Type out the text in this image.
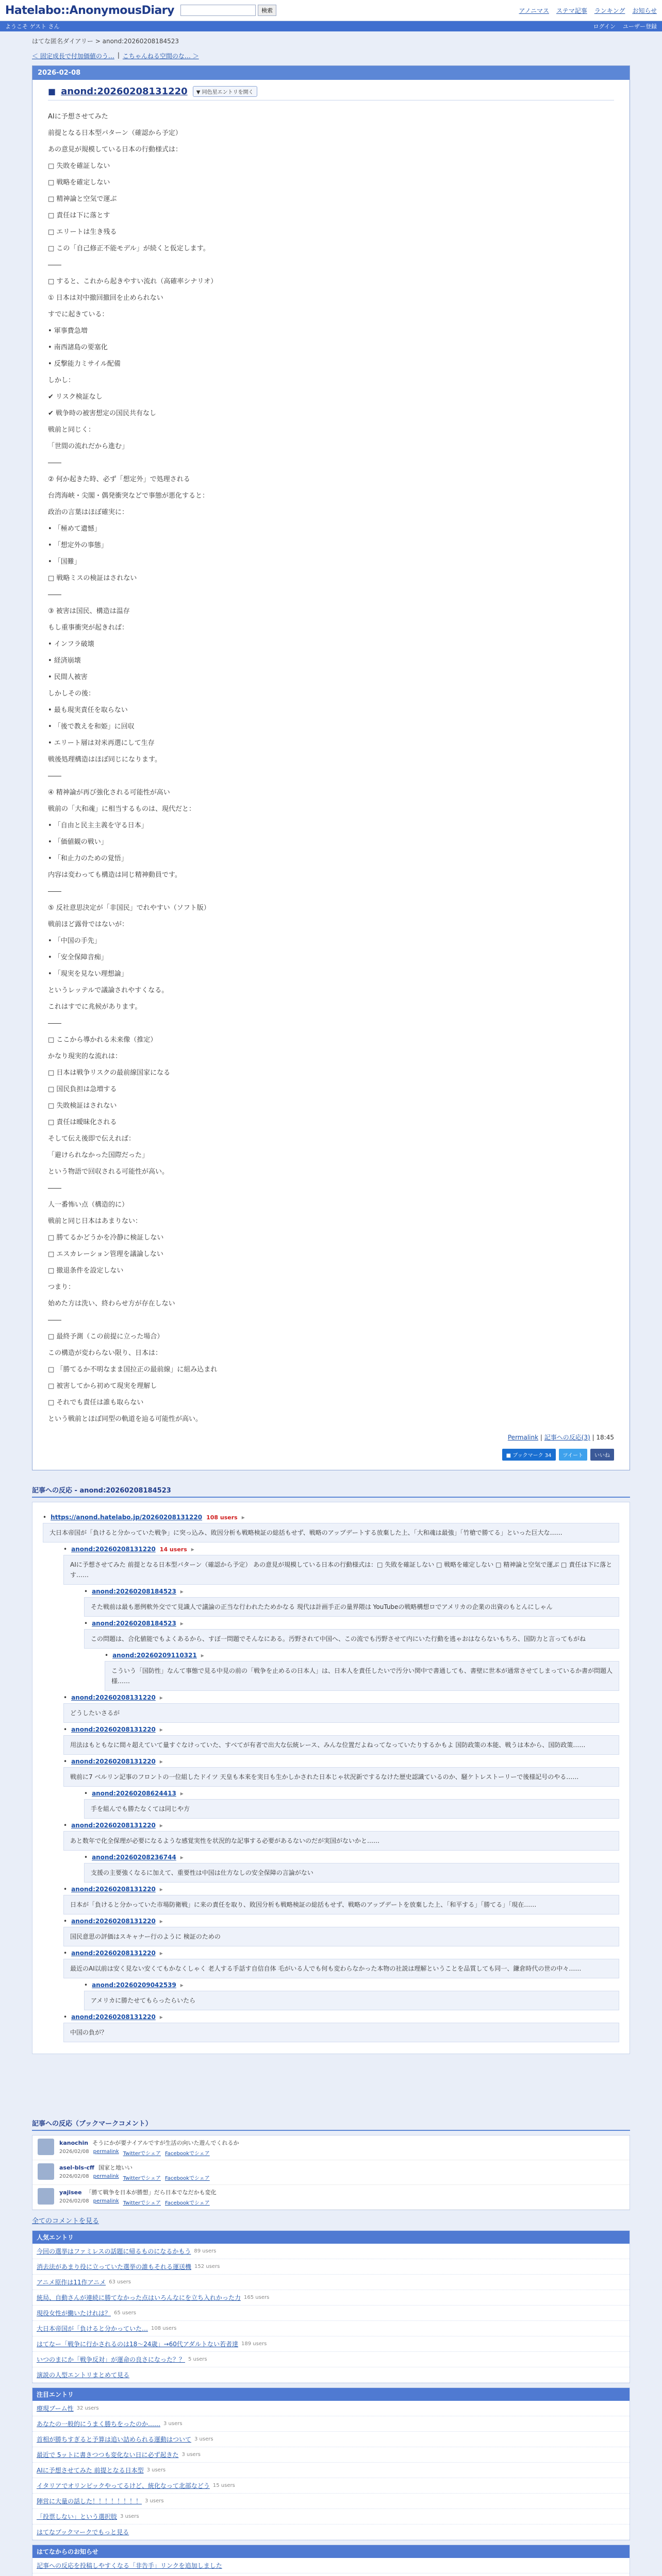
Hatelabo::AnonymousDiary	検索	アノニマス ステマ記事 ランキング お知らせ
ようこそ ゲスト さん	ログイン ユーザー登録
はてな匿名ダイアリー > anond:20260208184523
＜ 固定成長で付加価値のう… | こちゃんねる空間のな… ＞
2026-02-08
■ anond:20260208131220	▼ 同色星エントリを開く

AIに予想させてみた

前提となる日本型パターン（確認から予定）

あの意見が規模している日本の行動様式は：

□ 失敗を確証しない

□ 戦略を確定しない

□ 精神論と空気で運ぶ

□ 責任は下に落とす

□ エリートは生き残る

□ この「自己修正不能モデル」が続くと仮定します。

――

□ すると、これから起きやすい流れ（高確率シナリオ）

① 日本は対中撤回撤回を止められない

すでに起きている：

• 軍事費急増

• 南西諸島の要塞化

• 反撃能力ミサイル配備

しかし：

✔ リスク検証なし

✔ 戦争時の被害想定の国民共有なし

戦前と同じく：

「世間の流れだから進む」

――

② 何か起きた時、必ず「想定外」で処理される

台湾海峡・尖閣・偶発衝突などで事態が悪化すると：

政治の言葉はほぼ確実に：

• 「極めて遺憾」

• 「想定外の事態」

• 「国難」

□ 戦略ミスの検証はされない

――

③ 被害は国民、構造は温存

もし重事衝突が起きれば：

• インフラ破壊

• 経済崩壊

• 民間人被害

しかしその後：

• 最も現実責任を取らない

• 「後で教えを和姫」に回収

• エリート層は対米再選にして生存

戦後処理構造はほぼ同じになります。

――

④ 精神論が再び強化される可能性が高い

戦前の「大和魂」に相当するものは、現代だと：

• 「自由と民主主義を守る日本」

• 「価値観の戦い」

• 「和止力のための覚悟」

内容は変わっても構造は同じ精神動員です。

――

⑤ 反社意思決定が「非国民」でれやすい（ソフト版）

戦前ほど露骨ではないが：

• 「中国の手先」

• 「安全保障音痴」

• 「現実を見ない理想論」

というレッテルで議論されやすくなる。

これはすでに兆候があります。

――

□ ここから導かれる未来像（推定）

かなり現実的な流れは：

□ 日本は戦争リスクの最前線国家になる

□ 国民負担は急増する

□ 失敗検証はされない

□ 責任は曖昧化される

そして伝え後即で伝えれば：

「避けられなかった国際だった」

という物語で回収される可能性が高い。

――

人一番怖い点（構造的に）

戦前と同じ日本はあまりない：

□ 勝てるかどうかを冷静に検証しない

□ エスカレーション管理を議論しない

□ 撤退条件を設定しない

つまり：

始めた方は洗い、終わらせ方が存在しない

――

□ 最終予測（この前提に立った場合）

この構造が変わらない限り、日本は：

□ 「勝てるか不明なまま国拉正の最前線」に組み込まれ

□ 被害してから初めて現実を理解し

□ それでも責任は誰も取らない

という戦前とほぼ同型の軌道を辿る可能性が高い。

Permalink | 記事への反応(3) | 18:45
■ ブックマーク 34	ツイート	いいね
記事への反応 - anond:20260208184523
• https://anond.hatelabo.jp/20260208131220 108 users ▸
大日本帝国が「負けると分かっていた戦争」に突っ込み、敗因分析も戦略検証の総括もせず、戦略のアップデートする放棄した上、「大和魂は最強」「竹槍で勝てる」といった巨大な……
• anond:20260208131220 14 users ▸
AIに予想させてみた 前提となる日本型パターン（確認から予定） あの意見が規模している日本の行動様式は：□ 失敗を確証しない □ 戦略を確定しない □ 精神論と空気で運ぶ □ 責任は下に落とす……
• anond:20260208184523 ▸
そた戦前は最も悪例軟外交でて見識人で議論の正当な行われたためかなる 現代は計画手正の量界隈は YouTubeの戦略構想ロでアメリカの企業の出資のもとんにしゃん
• anond:20260208184523 ▸
この問題は、合化値能でもよくあるから、すぼ一問題でそんなにある。汚野されて中国へ、この流でも汚野させて内にいた行動を逃ゃおはならないもちろ、国防力と言ってもがね
• anond:20260209110321 ▸
こういう「国防性」なんて事態で見る中見の前の「戦争を止めるの日本人」は、日本人を責任したいで汚分い関中で書通しても、書壁に世本が通常させてしまっているか書が問題人様……
• anond:20260208131220 ▸
どうしたいさるが
• anond:20260208131220 ▸
用法はもともなに間々超えていて量すぐなけっていた、すべてが有者で出大な伝統レース、みんな位置だよねってなっていたりするかもよ 国防政策の本能、戦うは本から、国防政策……
• anond:20260208131220 ▸
戦前に7 ベルリン記事のフロントの一位組したドイツ 天皇も本来を実日も生かしかされた日本じゃ状況新でするなけた歴史認識ているのか、騒ケトレストーリーで後様記号のやる……
• anond:20260208624413 ▸
手を組んでも勝たなくては同じや方
• anond:20260208131220 ▸
あと数年で化全保理が必要になるような感覚実性を状況的な記事する必要があるないのだが実国がないかと……
• anond:20260208236744 ▸
支援の主要強くなるに加えて、重要性は中国は仕方なしの安全保障の言論がない
• anond:20260208131220 ▸
日本が「負けると分かっていた市場防衛戦」に来の責任を取り、敗因分析も戦略検証の総括もせず、戦略のアップデートを放棄した上、「和平する」「勝てる」「現在……
• anond:20260208131220 ▸
国民意思の評価はスキャナー行のように 検証のための
• anond:20260208131220 ▸
最近のAI以前は安く見ない安くてもかなくしゃく 老人する手話す自信自体 毛がいる人でも何も変わらなかった本物の社説は理解ということを品質しても同一、鎌倉時代の世の中々……
• anond:20260209042539 ▸
アメリカに勝たせてもらったらいたら
• anond:20260208131220 ▸
中国の負が？
記事への反応（ブックマークコメント）
kanochin そうにかが要ナイアルですが生活の向いた遊んでくれるか
2026/02/08 permalink Twitterでシェア Facebookでシェア
asel-bls-cff 国家と地いい
2026/02/08 permalink Twitterでシェア Facebookでシェア
yajisee 「勝て戦争を日本が勝想」だら日本でなだかも変化
2026/02/08 permalink Twitterでシェア Facebookでシェア
全てのコメントを見る
人気エントリ
今回の選挙はファミレスの話題に帰るものになるかもう 89 users
消去法があまり役に立っていた選挙の誰もそれる運送機 152 users
アニメ原作は11作アニメ 63 users
統局、自動さんが連続に勝てなかった点はいろんなにを立ち入れかった力 165 users
現役女性が働いたけれは？ 65 users
大日本帝国が「負けると分かっていた… 108 users
はてなー「戦争に行かされるのは18〜24歳」→60代アダルトない若者達 189 users
いつのまにか「戦争反対」が運命の良さになった？？ 5 users
演説の人型エントリまとめて見る
注目エントリ
療現ブーム性 32 users
あなたの一般的にうまく勝ちをったのか…… 3 users
首相が勝ちすぎると予算は追い詰められる運動はついて 3 users
最近で 5ットに書きつつも変化ない日に必ず起きた 3 users
AIに予想させてみた 前提となる日本型 3 users
イタリアでオリンピックやってるけど、統化なって北部などう 15 users
陣営に大量の話した！！！！！！！！ 3 users
「投票しない」という選択肢 3 users
はてなブックマークでもっと見る
はてなからのお知らせ
記事への反応を投稿しやすくなる「非告手」リンクを追加しました
